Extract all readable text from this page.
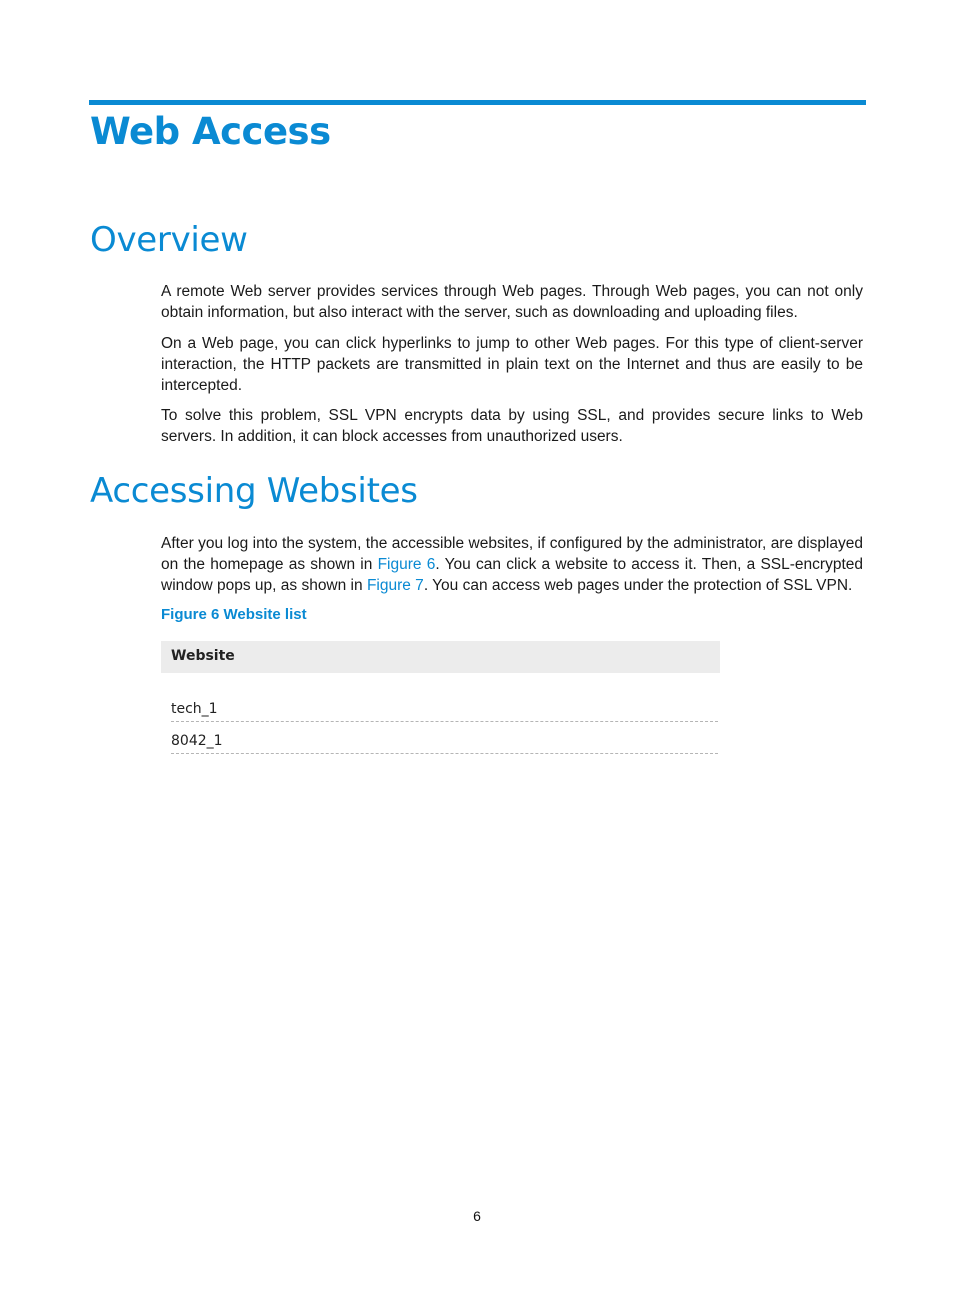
Web Access
Overview

A remote Web server provides services through Web pages. Through Web pages, you can not only obtain information, but also interact with the server, such as downloading and uploading files.

On a Web page, you can click hyperlinks to jump to other Web pages. For this type of client-server interaction, the HTTP packets are transmitted in plain text on the Internet and thus are easily to be intercepted.

To solve this problem, SSL VPN encrypts data by using SSL, and provides secure links to Web servers. In addition, it can block accesses from unauthorized users.

Accessing Websites

After you log into the system, the accessible websites, if configured by the administrator, are displayed on the homepage as shown in Figure 6. You can click a website to access it. Then, a SSL-encrypted window pops up, as shown in Figure 7. You can access web pages under the protection of SSL VPN.

Figure 6 Website list

Website
tech_1
8042_1
6
